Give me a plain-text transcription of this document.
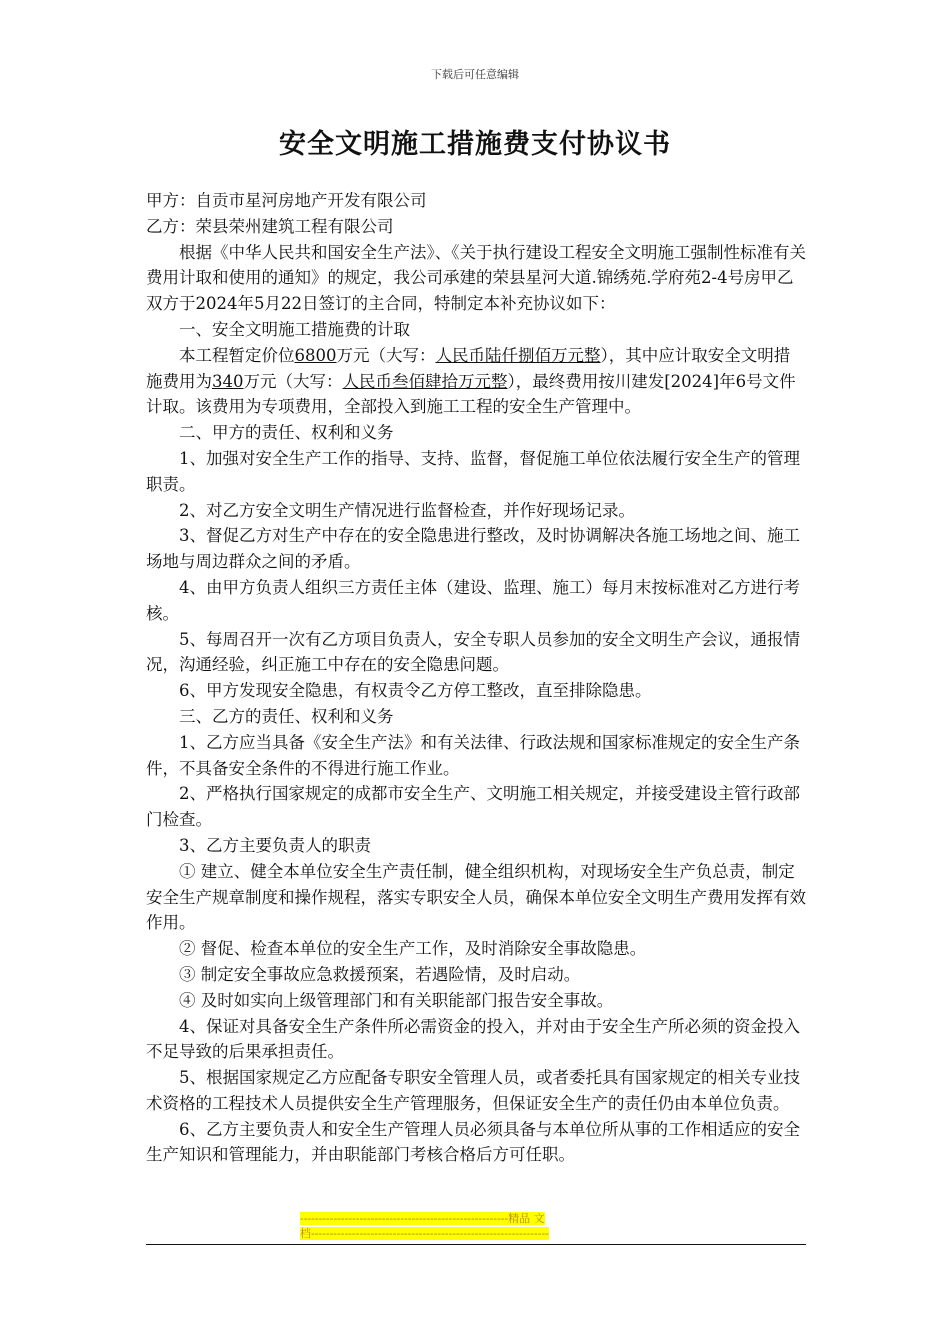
下载后可任意编辑
安全文明施工措施费支付协议书

甲方：自贡市星河房地产开发有限公司

乙方：荣县荣州建筑工程有限公司

根据《中华人民共和国安全生产法》、《关于执行建设工程安全文明施工强制性标准有关费用计取和使用的通知》的规定，我公司承建的荣县星河大道.锦绣苑.学府苑2-4号房甲乙双方于2024年5月22日签订的主合同，特制定本补充协议如下：

一、安全文明施工措施费的计取

本工程暂定价位6800万元（大写：人民币陆仟捌佰万元整），其中应计取安全文明措施费用为340万元（大写：人民币叁佰肆拾万元整），最终费用按川建发[2024]年6号文件计取。该费用为专项费用，全部投入到施工工程的安全生产管理中。

二、甲方的责任、权利和义务

1、加强对安全生产工作的指导、支持、监督，督促施工单位依法履行安全生产的管理职责。

2、对乙方安全文明生产情况进行监督检查，并作好现场记录。

3、督促乙方对生产中存在的安全隐患进行整改，及时协调解决各施工场地之间、施工场地与周边群众之间的矛盾。

4、由甲方负责人组织三方责任主体（建设、监理、施工）每月末按标准对乙方进行考核。

5、每周召开一次有乙方项目负责人，安全专职人员参加的安全文明生产会议，通报情况，沟通经验，纠正施工中存在的安全隐患问题。

6、甲方发现安全隐患，有权责令乙方停工整改，直至排除隐患。

三、乙方的责任、权利和义务

1、乙方应当具备《安全生产法》和有关法律、行政法规和国家标准规定的安全生产条件，不具备安全条件的不得进行施工作业。

2、严格执行国家规定的成都市安全生产、文明施工相关规定，并接受建设主管行政部门检查。

3、乙方主要负责人的职责

① 建立、健全本单位安全生产责任制，健全组织机构，对现场安全生产负总责，制定安全生产规章制度和操作规程，落实专职安全人员，确保本单位安全文明生产费用发挥有效作用。

② 督促、检查本单位的安全生产工作，及时消除安全事故隐患。

③ 制定安全事故应急救援预案，若遇险情，及时启动。

④ 及时如实向上级管理部门和有关职能部门报告安全事故。

4、保证对具备安全生产条件所必需资金的投入，并对由于安全生产所必须的资金投入不足导致的后果承担责任。

5、根据国家规定乙方应配备专职安全管理人员，或者委托具有国家规定的相关专业技术资格的工程技术人员提供安全生产管理服务，但保证安全生产的责任仍由本单位负责。

6、乙方主要负责人和安全生产管理人员必须具备与本单位所从事的工作相适应的安全生产知识和管理能力，并由职能部门考核合格后方可任职。

--------------------------------------------------------精品 文
档----------------------------------------------------------------
